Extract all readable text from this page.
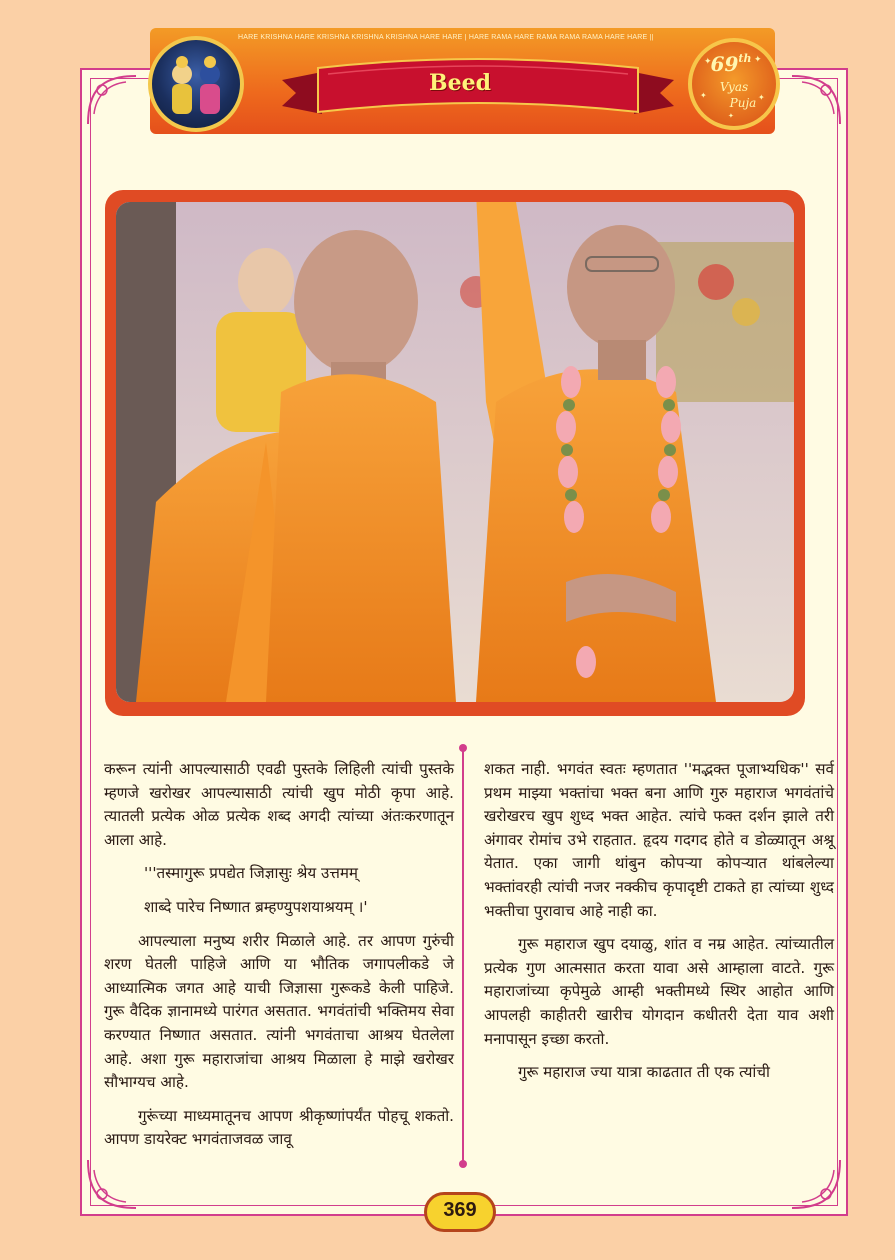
HARE KRISHNA HARE KRISHNA KRISHNA KRISHNA HARE HARE | HARE RAMA HARE RAMA RAMA RAMA HARE HARE ||
Beed
✦	✦
✦	✦
✦
69th
Vyas
Puja

करून त्यांनी आपल्यासाठी एवढी पुस्तके लिहिली त्यांची पुस्तके म्हणजे खरोखर आपल्यासाठी त्यांची खुप मोठी कृपा आहे. त्यातली प्रत्येक ओळ प्रत्येक शब्द अगदी त्यांच्या अंतःकरणातून आला आहे.

'''तस्मागुरू प्रपद्येत जिज्ञासुः श्रेय उत्तमम्

शाब्दे पारेच निष्णात ब्रम्हण्युपशयाश्रयम् ।'

आपल्याला मनुष्य शरीर मिळाले आहे. तर आपण गुरुंची शरण घेतली पाहिजे आणि या भौतिक जगापलीकडे जे आध्यात्मिक जगत आहे याची जिज्ञासा गुरूकडे केली पाहिजे. गुरू वैदिक ज्ञानामध्ये पारंगत असतात. भगवंतांची भक्तिमय सेवा करण्यात निष्णात असतात. त्यांनी भगवंताचा आश्रय घेतलेला आहे. अशा गुरू महाराजांचा आश्रय मिळाला हे माझे खरोखर सौभाग्यच आहे.

गुरूंच्या माध्यमातूनच आपण श्रीकृष्णांपर्यंत पोहचू शकतो. आपण डायरेक्ट भगवंताजवळ जावू

शकत नाही. भगवंत स्वतः म्हणतात ''मद्भक्त पूजाभ्यधिक'' सर्व प्रथम माझ्या भक्तांचा भक्त बना आणि गुरु महाराज भगवंतांचे खरोखरच खुप शुध्द भक्त आहेत. त्यांचे फक्त दर्शन झाले तरी अंगावर रोमांच उभे राहतात. हृदय गदगद होते व डोळ्यातून अश्रू येतात. एका जागी थांबुन कोपऱ्या कोपऱ्यात थांबलेल्या भक्तांवरही त्यांची नजर नक्कीच कृपादृष्टी टाकते हा त्यांच्या शुध्द भक्तीचा पुरावाच आहे नाही का.

गुरू महाराज खुप दयाळु, शांत व नम्र आहेत. त्यांच्यातील प्रत्येक गुण आत्मसात करता यावा असे आम्हाला वाटते. गुरू महाराजांच्या कृपेमुळे आम्ही भक्तीमध्ये स्थिर आहोत आणि आपलही काहीतरी खारीच योगदान कधीतरी देता याव अशी मनापासून इच्छा करतो.

गुरू महाराज ज्या यात्रा काढतात ती एक त्यांची

369
